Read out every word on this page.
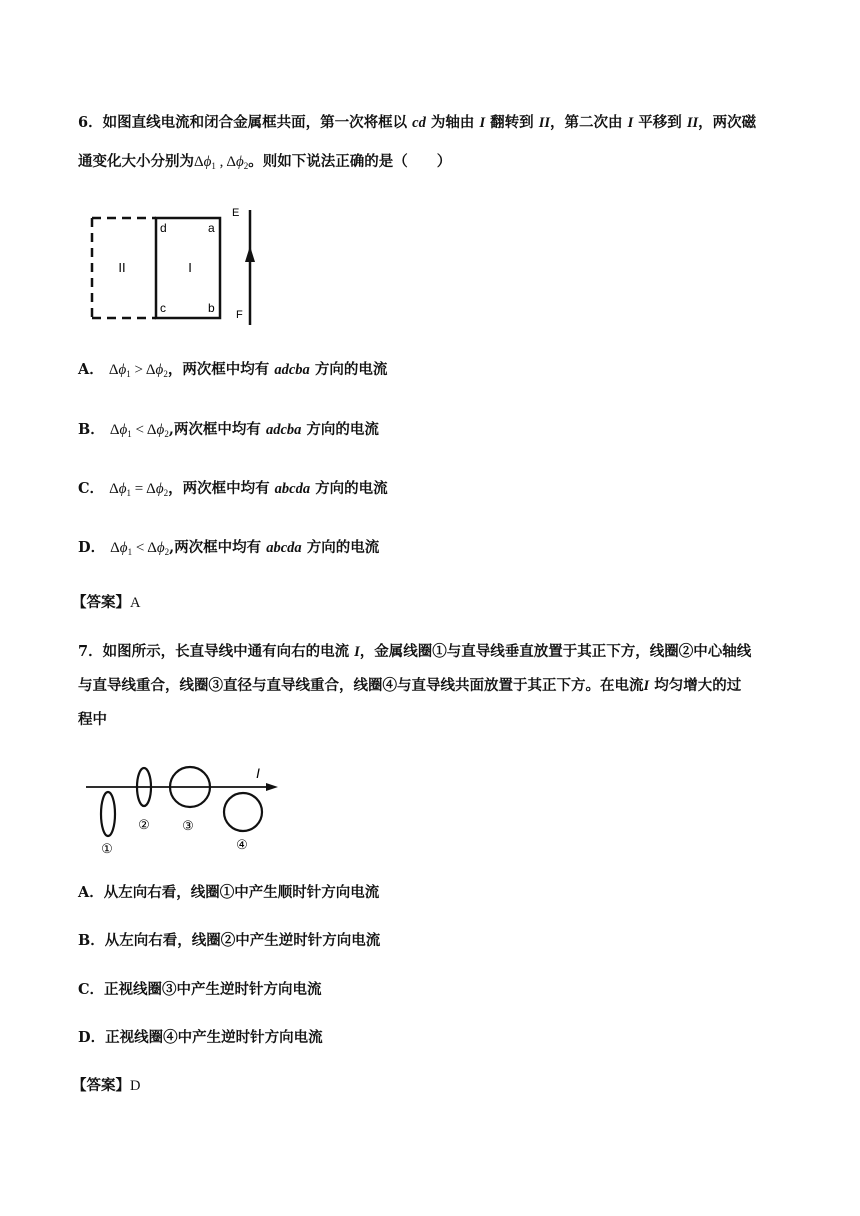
6．如图直线电流和闭合金属框共面，第一次将框以 cd 为轴由 I 翻转到 II，第二次由 I 平移到 II，两次磁
通变化大小分别为$\Delta\phi_1$ , $\Delta\phi_2$。则如下说法正确的是（　　）
II	I
d	a
c	b
E
F
A． $\Delta\phi_1 > \Delta\phi_2$，两次框中均有 adcba 方向的电流
B． $\Delta\phi_1 < \Delta\phi_2$,两次框中均有 adcba 方向的电流
C． $\Delta\phi_1 = \Delta\phi_2$，两次框中均有 abcda 方向的电流
D． $\Delta\phi_1 < \Delta\phi_2$,两次框中均有 abcda 方向的电流
【答案】A
7．如图所示，长直导线中通有向右的电流 I，金属线圈①与直导线垂直放置于其正下方，线圈②中心轴线
与直导线重合，线圈③直径与直导线重合，线圈④与直导线共面放置于其正下方。在电流I 均匀增大的过
程中
I
①
② ③
④
A．从左向右看，线圈①中产生顺时针方向电流
B．从左向右看，线圈②中产生逆时针方向电流
C．正视线圈③中产生逆时针方向电流
D．正视线圈④中产生逆时针方向电流
【答案】D
